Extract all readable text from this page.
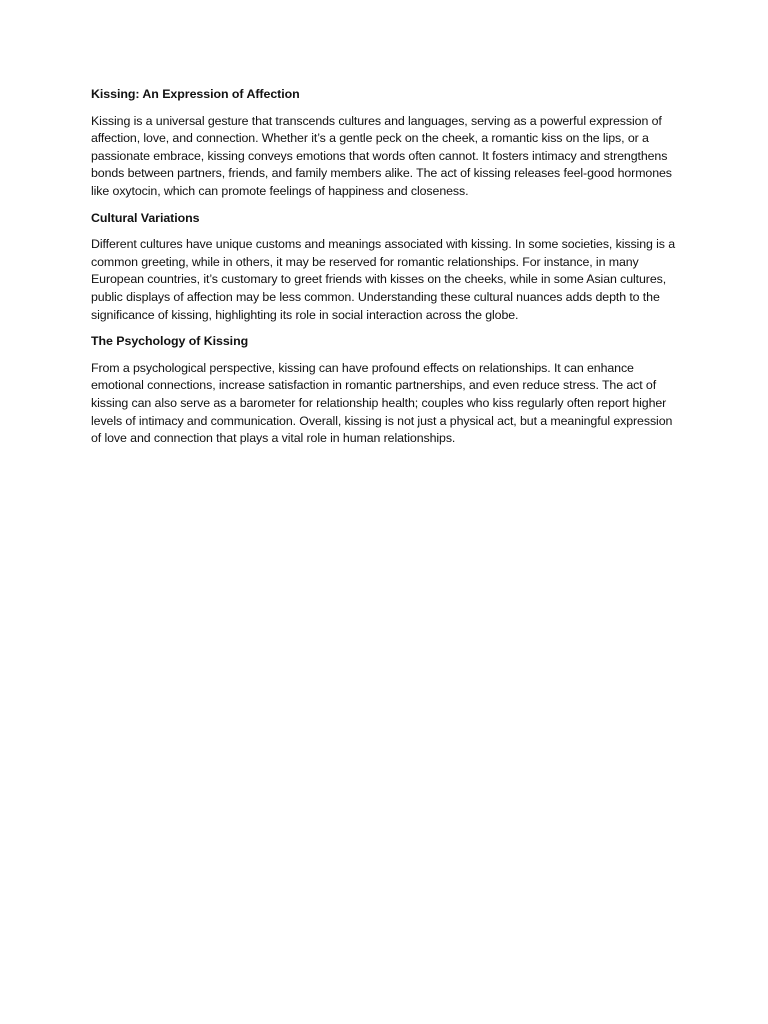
Kissing: An Expression of Affection
Kissing is a universal gesture that transcends cultures and languages, serving as a powerful expression of affection, love, and connection. Whether it’s a gentle peck on the cheek, a romantic kiss on the lips, or a passionate embrace, kissing conveys emotions that words often cannot. It fosters intimacy and strengthens bonds between partners, friends, and family members alike. The act of kissing releases feel-good hormones like oxytocin, which can promote feelings of happiness and closeness.
Cultural Variations
Different cultures have unique customs and meanings associated with kissing. In some societies, kissing is a common greeting, while in others, it may be reserved for romantic relationships. For instance, in many European countries, it’s customary to greet friends with kisses on the cheeks, while in some Asian cultures, public displays of affection may be less common. Understanding these cultural nuances adds depth to the significance of kissing, highlighting its role in social interaction across the globe.
The Psychology of Kissing
From a psychological perspective, kissing can have profound effects on relationships. It can enhance emotional connections, increase satisfaction in romantic partnerships, and even reduce stress. The act of kissing can also serve as a barometer for relationship health; couples who kiss regularly often report higher levels of intimacy and communication. Overall, kissing is not just a physical act, but a meaningful expression of love and connection that plays a vital role in human relationships.
